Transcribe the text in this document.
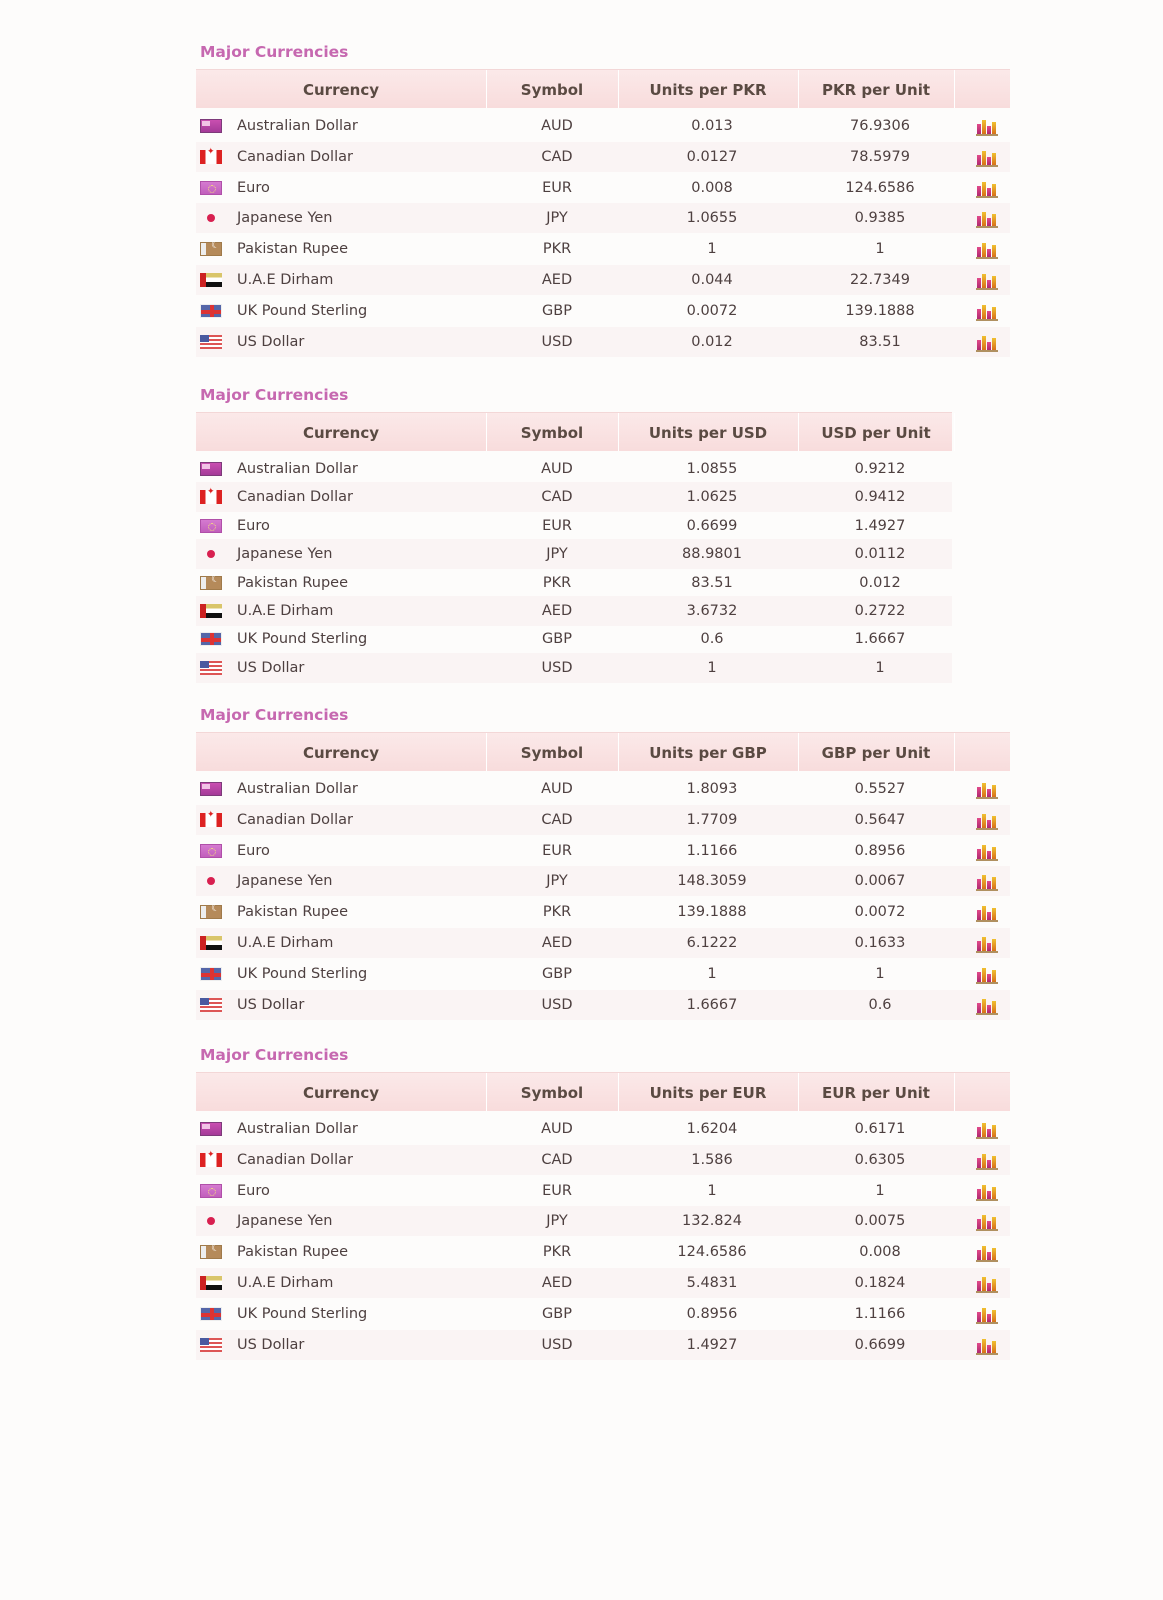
Major Currencies
Currency	Symbol	Units per PKR	PKR per Unit
Australian Dollar	AUD	0.013	76.9306
✦
Canadian Dollar	CAD	0.0127	78.5979
Euro	EUR	0.008	124.6586
Japanese Yen	JPY	1.0655	0.9385
☾
Pakistan Rupee	PKR	1	1
U.A.E Dirham	AED	0.044	22.7349
UK Pound Sterling	GBP	0.0072	139.1888
US Dollar	USD	0.012	83.51
Major Currencies
Currency	Symbol	Units per USD	USD per Unit
Australian Dollar	AUD	1.0855	0.9212
✦
Canadian Dollar	CAD	1.0625	0.9412
Euro	EUR	0.6699	1.4927
Japanese Yen	JPY	88.9801	0.0112
☾
Pakistan Rupee	PKR	83.51	0.012
U.A.E Dirham	AED	3.6732	0.2722
UK Pound Sterling	GBP	0.6	1.6667
US Dollar	USD	1	1
Major Currencies
Currency	Symbol	Units per GBP	GBP per Unit
Australian Dollar	AUD	1.8093	0.5527
✦
Canadian Dollar	CAD	1.7709	0.5647
Euro	EUR	1.1166	0.8956
Japanese Yen	JPY	148.3059	0.0067
☾
Pakistan Rupee	PKR	139.1888	0.0072
U.A.E Dirham	AED	6.1222	0.1633
UK Pound Sterling	GBP	1	1
US Dollar	USD	1.6667	0.6
Major Currencies
Currency	Symbol	Units per EUR	EUR per Unit
Australian Dollar	AUD	1.6204	0.6171
✦
Canadian Dollar	CAD	1.586	0.6305
Euro	EUR	1	1
Japanese Yen	JPY	132.824	0.0075
☾
Pakistan Rupee	PKR	124.6586	0.008
U.A.E Dirham	AED	5.4831	0.1824
UK Pound Sterling	GBP	0.8956	1.1166
US Dollar	USD	1.4927	0.6699
